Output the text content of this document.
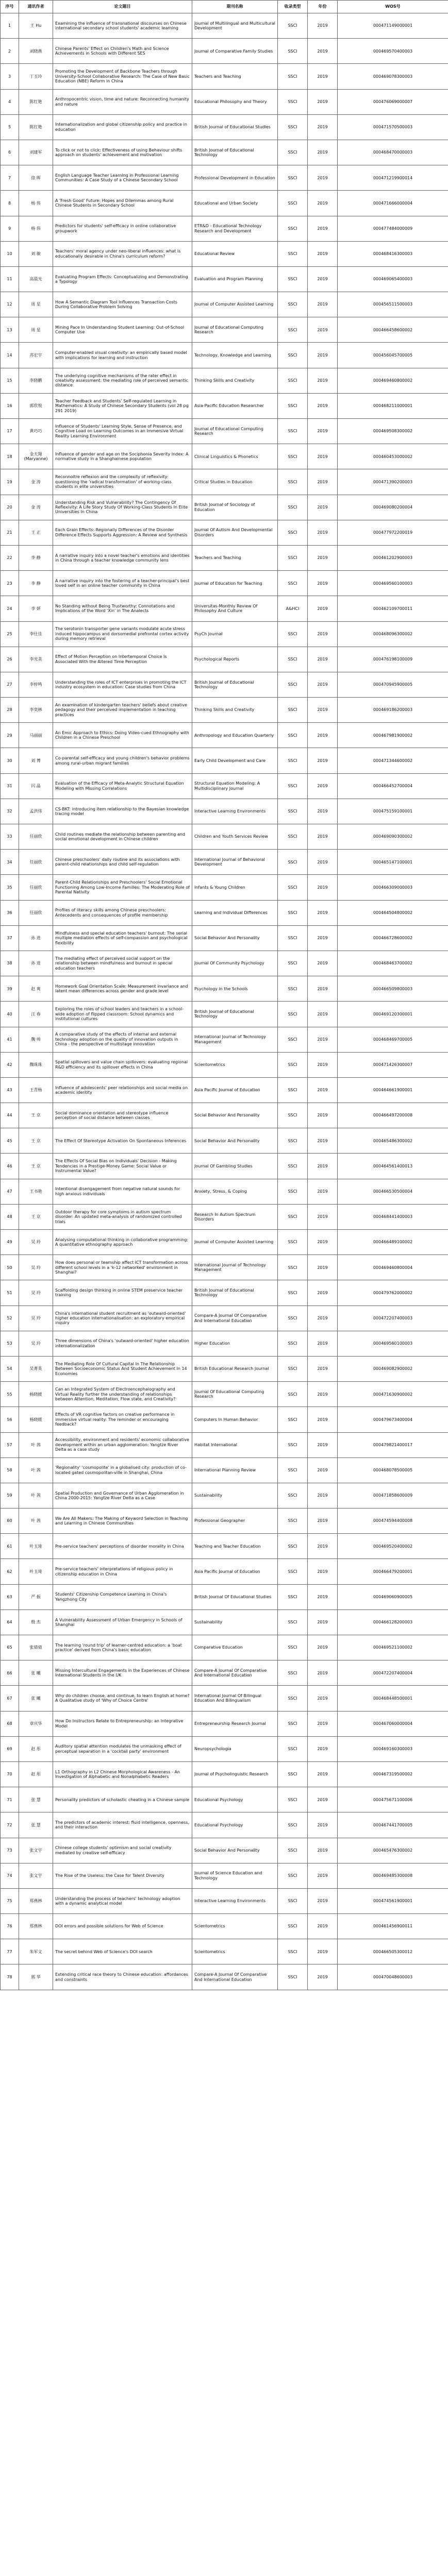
序号	通讯作者	论文题目	期刊名称	收录类型	年份	WOS号
1	王 Hu	Examining the influence of transnational discourses on Chinese international secondary school students' academic learning	Journal of Multilingual and Multicultural Development	SSCI	2019	000471149000001
2	刘晓燕	Chinese Parents' Effect on Children's Math and Science Achievements in Schools with Different SES	Journal of Comparative Family Studies	SSCI	2019	000469570400003
3	丁玉玲	Promoting the Development of Backbone Teachers through University-School Collaborative Research: The Case of New Basic Education (NBE) Reform in China	Teachers and Teaching	SSCI	2019	000469078300003
4	陈红艳	Anthropocentric vision, time and nature: Reconnecting humanity and nature	Educational Philosophy and Theory	SSCI	2019	000476069000007
5	陈红艳	Internationalization and global citizenship policy and practice in education	British Journal of Educational Studies	SSCI	2019	000471570500003
6	刘建军	To click or not to click: Effectiveness of using Behaviour shifts approach on students' achievement and motivation	British Journal of Educational Technology	SSCI	2019	000468470000003
7	徐 晖	English Language Teacher Learning in Professional Learning Communities: A Case Study of a Chinese Secondary School	Professional Development in Education	SSCI	2019	000471219900014
8	杨 伟	A 'Fresh Good' Future: Hopes and Dilemmas among Rural Chinese Students in Secondary School	Educational and Urban Society	SSCI	2019	000471666000004
9	杨 伟	Predictors for students' self-efficacy in online collaborative groupwork	ETR&D - Educational Technology Research and Development	SSCI	2019	000477484000009
10	刘 敏	Teachers' moral agency under neo-liberal influences: what is educationally desirable in China's curriculum reform?	Educational Review	SSCI	2019	000468416300003
11	高晨光	Evaluating Program Effects: Conceptualizing and Demonstrating a Typology	Evaluation and Program Planning	SSCI	2019	000469065400003
12	周 星	How A Semantic Diagram Tool Influences Transaction Costs During Collaborative Problem Solving	Journal of Computer Assisted Learning	SSCI	2019	000456511500003
13	周 星	Mining Pace In Understanding Student Learning: Out-of-School Computer Use	Journal of Educational Computing Research	SSCI	2019	000466458600002
14	苏宏宇	Computer-enabled visual creativity: an empirically based model with implications for learning and instruction	Technology, Knowledge and Learning	SSCI	2019	000456045700005
15	李晓鹏	The underlying cognitive mechanisms of the rater effect in creativity assessment: the mediating role of perceived semantic distance	Thinking Skills and Creativity	SSCI	2019	000469460800002
16	郭欣悦	Teacher Feedback and Students' Self-regulated Learning in Mathematics: A Study of Chinese Secondary Students (vol 28 pg 291 2019)	Asia-Pacific Education Researcher	SSCI	2019	000468211000001
17	黄巧巧	Influence of Students' Learning Style, Sense of Presence, and Cognitive Load on Learning Outcomes in an Immersive Virtual Reality Learning Environment	Journal of Educational Computing Research	SSCI	2019	000469508300002
18	金天翔 (Maryanne)	Influence of gender and age on the Sociphonia Severity Index: A normative study in a Shanghainese population	Clinical Linguistics & Phonetics	SSCI	2019	000460453000002
19	金 涛	Reconnoitre reflexion and the complexity of reflexivity: questioning the 'radical transformation' of working-class students in elite universities	Critical Studies in Education	SSCI	2019	000471390200003
20	金 涛	Understanding Risk and Vulnerability? The Contingency Of Reflexivity: A Life Story Study Of Working-Class Students In Elite Universities In China	British Journal of Sociology of Education	SSCI	2019	000469080200004
21	王 正	Each Grain Effects: Regionally Differences of the Disorder Difference Effects Supports Aggression: A Review and Synthesis	Journal Of Autism And Developmental Disorders	SSCI	2019	000477972200019
22	李 静	A narrative inquiry into a novel teacher's emotions and identities in China through a teacher knowledge community lens	Teachers and Teaching	SSCI	2019	000461202900003
23	李 静	A narrative inquiry into the fostering of a teacher-principal's best loved self in an online teacher community in China	Journal of Education for Teaching	SSCI	2019	000469560100003
24	李 妍	No Standing without Being Trustworthy: Connotations and Implications of the Word 'Xin' in The Analects	Universitas-Monthly Review Of Philosophy And Culture	A&HCI	2019	000462109700011
25	李仕佳	The serotonin transporter gene variants modulate acute stress induced hippocampus and dorsomedial prefrontal cortex activity during memory retrieval	PsyCh Journal	SSCI	2019	000468096300002
26	李光美	Effect of Motion Perception on Intertemporal Choice Is Associated With the Altered Time Perception	Psychological Reports	SSCI	2019	000476198100009
27	李梓鸣	Understanding the roles of ICT enterprises in promoting the ICT industry ecosystem in education: Case studies from China	British Journal of Educational Technology	SSCI	2019	000470945900005
28	李奕林	An examination of kindergarten teachers' beliefs about creative pedagogy and their perceived implementation in teaching practices	Thinking Skills and Creativity	SSCI	2019	000469186200003
29	马丽丽	An Emic Approach to Ethics: Doing Video-cued Ethnography with Children in a Chinese Preschool	Anthropology and Education Quarterly	SSCI	2019	000467981900002
30	刘 博	Co-parental self-efficacy and young children's behavior problems among rural-urban migrant families	Early Child Development and Care	SSCI	2019	000471344600002
31	闪 晶	Evaluation of the Efficacy of Meta-Analytic Structural Equation Modeling with Missing Correlations	Structural Equation Modeling: A Multidisciplinary Journal	SSCI	2019	000466452700004
32	孟洪伟	CS-BKT: introducing item relationship to the Bayesian knowledge tracing model	Interactive Learning Environments	SSCI	2019	000475159100001
33	任丽欣	Child routines mediate the relationship between parenting and social emotional development in Chinese children	Children and Youth Services Review	SSCI	2019	000469090300002
34	任丽欣	Chinese preschoolers' daily routine and its associations with parent-child relationships and child self-regulation	International Journal of Behavioral Development	SSCI	2019	000465147100001
35	任丽欣	Parent-Child Relationships and Preschoolers' Social Emotional Functioning Among Low-Income Families: The Moderating Role of Parental Nativity	Infants & Young Children	SSCI	2019	000466309000003
36	任丽欣	Profiles of literacy skills among Chinese preschoolers: Antecedents and consequences of profile membership	Learning and Individual Differences	SSCI	2019	000464504800002
37	孙 进	Mindfulness and special education teachers' burnout: The serial multiple mediation effects of self-compassion and psychological flexibility	Social Behavior And Personality	SSCI	2019	000466728600002
38	孙 进	The mediating effect of perceived social support on the relationship between mindfulness and burnout in special education teachers	Journal Of Community Psychology	SSCI	2019	000468463700002
39	赵 爽	Homework Goal Orientation Scale: Measurement invariance and latent mean differences across gender and grade level	Psychology in the Schools	SSCI	2019	000466509800003
40	汪 春	Exploring the roles of school leaders and teachers in a school-wide adoption of flipped classroom: School dynamics and institutional cultures	British Journal of Educational Technology	SSCI	2019	000469120300001
41	魏 帅	A comparative study of the effects of internal and external technology adoption on the quality of innovation outputs in China - the perspective of multistage innovation	International Journal of Technology Management	SSCI	2019	000468469700005
42	魏珠珠	Spatial spillovers and value chain spillovers: evaluating regional R&D efficiency and its spillover effects in China	Scientometrics	SSCI	2019	000471426300007
43	王青杨	Influence of adolescents' peer relationships and social media on academic identity	Asia Pacific Journal of Education	SSCI	2019	000464661900001
44	王 京	Social dominance orientation and stereotype influence perception of social distance between classes	Social Behavior And Personality	SSCI	2019	000466497200008
45	王 京	The Effect Of Stereotype Activation On Spontaneous Inferences	Social Behavior And Personality	SSCI	2019	000465486300002
46	王 京	The Effects Of Social Bias on Individuals' Decision - Making Tendencies in a Prestige-Money Game: Social Value or Instrumental Value?	Journal Of Gambling Studies	SSCI	2019	000464561400013
47	王书艳	Intentional disengagement from negative natural sounds for high anxious individuals	Anxiety, Stress, & Coping	SSCI	2019	000466530500004
48	王 京	Outdoor therapy for core symptoms in autism spectrum disorder: An updated meta-analysis of randomized controlled trials	Research In Autism Spectrum Disorders	SSCI	2019	000468441400003
49	吴 玲	Analysing computational thinking in collaborative programming: A quantitative ethnography approach	Journal of Computer Assisted Learning	SSCI	2019	000466489100002
50	吴 玲	How does personal or teamship affect ICT transformation across different school levels in a 'k-12 networked' environment in Shanghai?	International Journal of Technology Management	SSCI	2019	000469460800004
51	吴 玲	Scaffolding design thinking in online STEM preservice teacher training	British Journal of Educational Technology	SSCI	2019	000479762000002
52	吴 玲	China's international student recruitment as 'outward-oriented' higher education internationalisation: an exploratory empirical inquiry	Compare-A Journal Of Comparative And International Education	SSCI	2019	000472207400003
53	吴 玲	Three dimensions of China's 'outward-oriented' higher education internationalization	Higher Education	SSCI	2019	000469560100003
54	吴菁英	The Mediating Role Of Cultural Capital In The Relationship Between Socioeconomic Status And Student Achievement In 14 Economies	British Educational Research Journal	SSCI	2019	000469082900002
55	杨晓媛	Can an Integrated System of Electroencephalography and Virtual Reality further the understanding of relationships between Attention, Meditation, Flow state, and Creativity?	Journal Of Educational Computing Research	SSCI	2019	000471630900002
56	杨晓媛	Effects of VR cognitive factors on creative performance in immersive virtual reality: The reminder or encouraging feedback?	Computers In Human Behavior	SSCI	2019	000479673400004
57	叶 茜	Accessibility, environment and residents' economic collaborative development within an urban agglomeration: Yangtze River Delta as a case study	Habitat International	SSCI	2019	000479821400017
58	叶 茜	'Regionality' 'cosmopolite' in a globalised city: production of co-located gated cosmopolitan-ville in Shanghai, China	International Planning Review	SSCI	2019	000468078500005
59	叶 茜	Spatial Production and Governance of Urban Agglomeration in China 2000-2015: Yangtze River Delta as a Case	Sustainability	SSCI	2019	000471858600009
60	叶 茜	We Are All Makers: The Making of Keyword Selection in Teaching and Learning in Chinese Communities	Professional Geographer	SSCI	2019	000474594400008
61	叶玉琦	Pre-service teachers' perceptions of disorder morality in China	Teaching and Teacher Education	SSCI	2019	000469520400002
62	叶玉琦	Pre-service teachers' interpretations of religious policy in citizenship education in China	Asia Pacific Journal of Education	SSCI	2019	000466479200001
63	严 振	Students' Citizenship Competence Learning in China's Yangzhong City	British Journal Of Educational Studies	SSCI	2019	000469060900005
64	殷 杰	A Vulnerability Assessment of Urban Emergency in Schools of Shanghai	Sustainability	SSCI	2019	000466128200003
65	张倩倩	The learning 'round trip' of learner-centred education: a 'boat practice' derived from China's basic education	Comparative Education	SSCI	2019	000469521100002
66	张 曦	Missing Intercultural Engagements in the Experiences of Chinese International Students in the UK	Compare-A Journal Of Comparative And International Education	SSCI	2019	000472207400004
67	张 曦	Why do children choose, and continue, to learn English at home? A Qualitative study of 'Why of Choice Centre'	International Journal Of Bilingual Education And Bilingualism	SSCI	2019	000468448500001
68	章庆华	How Do Instructors Relate to Entrepreneurship: an Integrative Model	Entrepreneurship Research Journal	SSCI	2019	000467060000004
69	赵 彤	Auditory spatial attention modulates the unmasking effect of perceptual separation in a 'cocktail party' environment	Neuropsychologia	SSCI	2019	000469160300003
70	赵 彤	L1 Orthography in L2 Chinese Morphological Awareness - An Investigation of Alphabetic and Nonalphabetic Readers	Journal of Psycholinguistic Research	SSCI	2019	000467319500002
71	张 慧	Personality predictors of scholastic cheating in a Chinese sample	Educational Psychology	SSCI	2019	000475671100006
72	张 慧	The predictors of academic interest: fluid intelligence, openness, and their interaction	Educational Psychology	SSCI	2019	000467441700005
73	张文宇	Chinese college students' optimism and social creativity mediated by creative self-efficacy	Social Behavior And Personality	SSCI	2019	000465476300002
74	张文宇	The Rise of the Useless: the Case for Talent Diversity	Journal of Science Education and Technology	SSCI	2019	000469485300008
75	郑燕林	Understanding the process of teachers' technology adoption with a dynamic analytical model	Interactive Learning Environments	SSCI	2019	000474561900001
76	郑燕林	DOI errors and possible solutions for Web of Science	Scientometrics	SSCI	2019	000461456900011
77	朱军文	The secret behind Web of Science's DOI search	Scientometrics	SSCI	2019	000466505300012
78	郭 华	Extending critical race theory to Chinese education: affordances and constraints	Compare-A Journal Of Comparative And International Education	SSCI	2019	000470048600003
